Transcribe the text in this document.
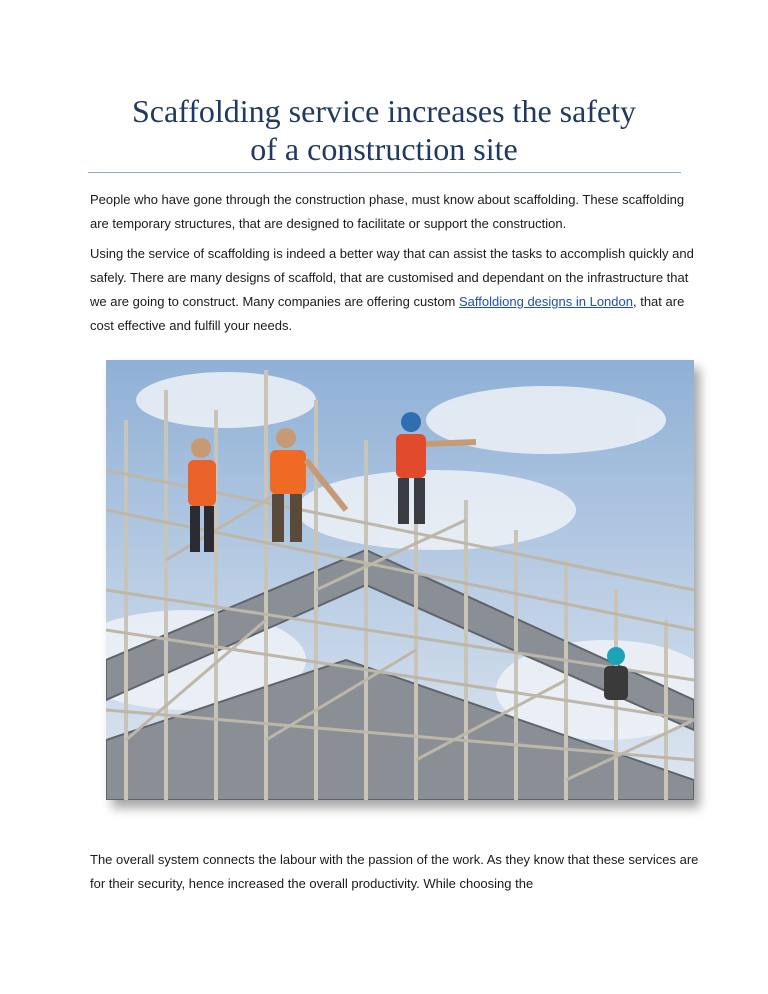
Scaffolding service increases the safety
of a construction site

People who have gone through the construction phase, must know about scaffolding. These scaffolding are temporary structures, that are designed to facilitate or support the construction.

Using the service of scaffolding is indeed a better way that can assist the tasks to accomplish quickly and safely. There are many designs of scaffold, that are customised and dependant on the infrastructure that we are going to construct. Many companies are offering custom Saffoldiong designs in London, that are cost effective and fulfill your needs.

The overall system connects the labour with the passion of the work. As they know that these services are for their security, hence increased the overall productivity. While choosing the
